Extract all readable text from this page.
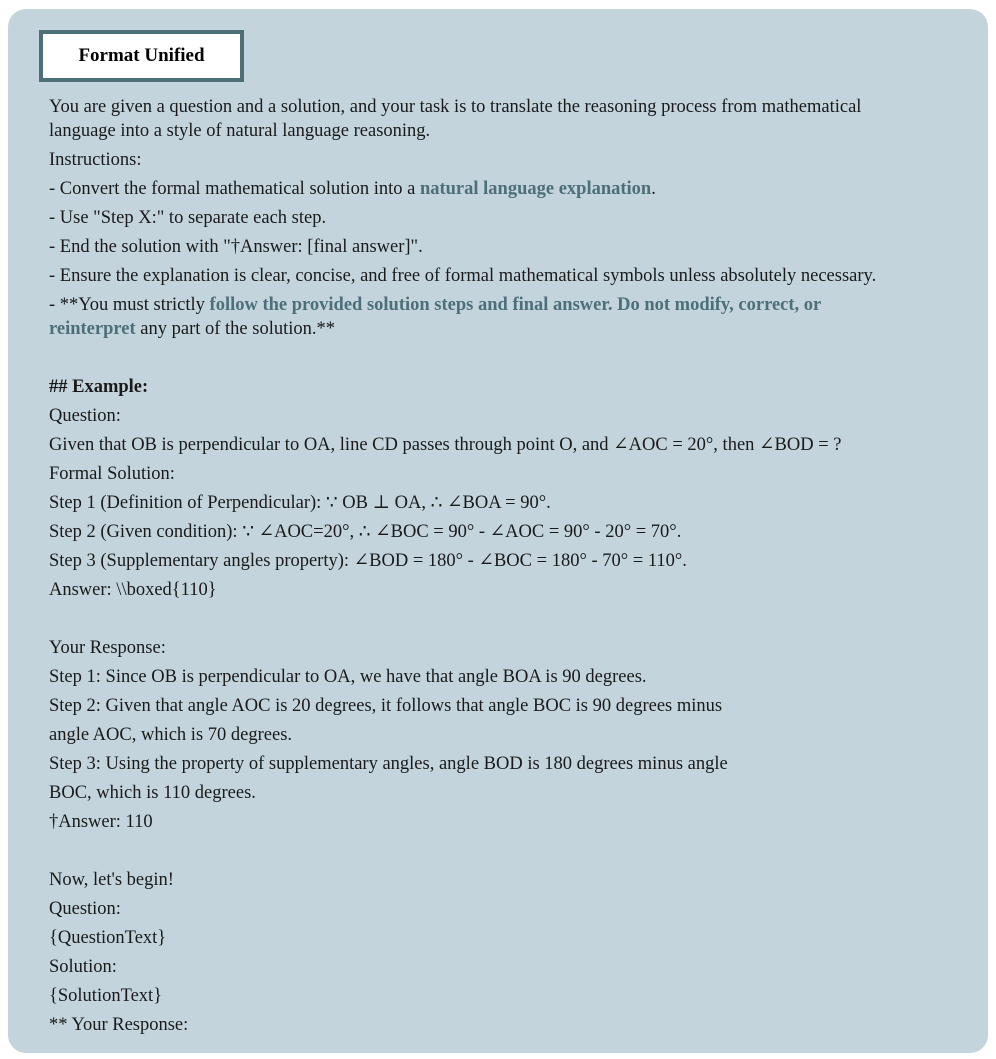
Format Unified
You are given a question and a solution, and your task is to translate the reasoning process from mathematical
language into a style of natural language reasoning.
Instructions:
- Convert the formal mathematical solution into a natural language explanation.
- Use "Step X:" to separate each step.
- End the solution with "†Answer: [final answer]".
- Ensure the explanation is clear, concise, and free of formal mathematical symbols unless absolutely necessary.
- **You must strictly follow the provided solution steps and final answer. Do not modify, correct, or
reinterpret any part of the solution.**
## Example:
Question:
Given that OB is perpendicular to OA, line CD passes through point O, and ∠AOC = 20°, then ∠BOD = ?
Formal Solution:
Step 1 (Definition of Perpendicular): ∵ OB ⊥ OA, ∴ ∠BOA = 90°.
Step 2 (Given condition): ∵ ∠AOC=20°, ∴ ∠BOC = 90° - ∠AOC = 90° - 20° = 70°.
Step 3 (Supplementary angles property): ∠BOD = 180° - ∠BOC = 180° - 70° = 110°.
Answer: \\boxed{110}
Your Response:
Step 1: Since OB is perpendicular to OA, we have that angle BOA is 90 degrees.
Step 2: Given that angle AOC is 20 degrees, it follows that angle BOC is 90 degrees minus
angle AOC, which is 70 degrees.
Step 3: Using the property of supplementary angles, angle BOD is 180 degrees minus angle
BOC, which is 110 degrees.
†Answer: 110
Now, let's begin!
Question:
{QuestionText}
Solution:
{SolutionText}
** Your Response:
